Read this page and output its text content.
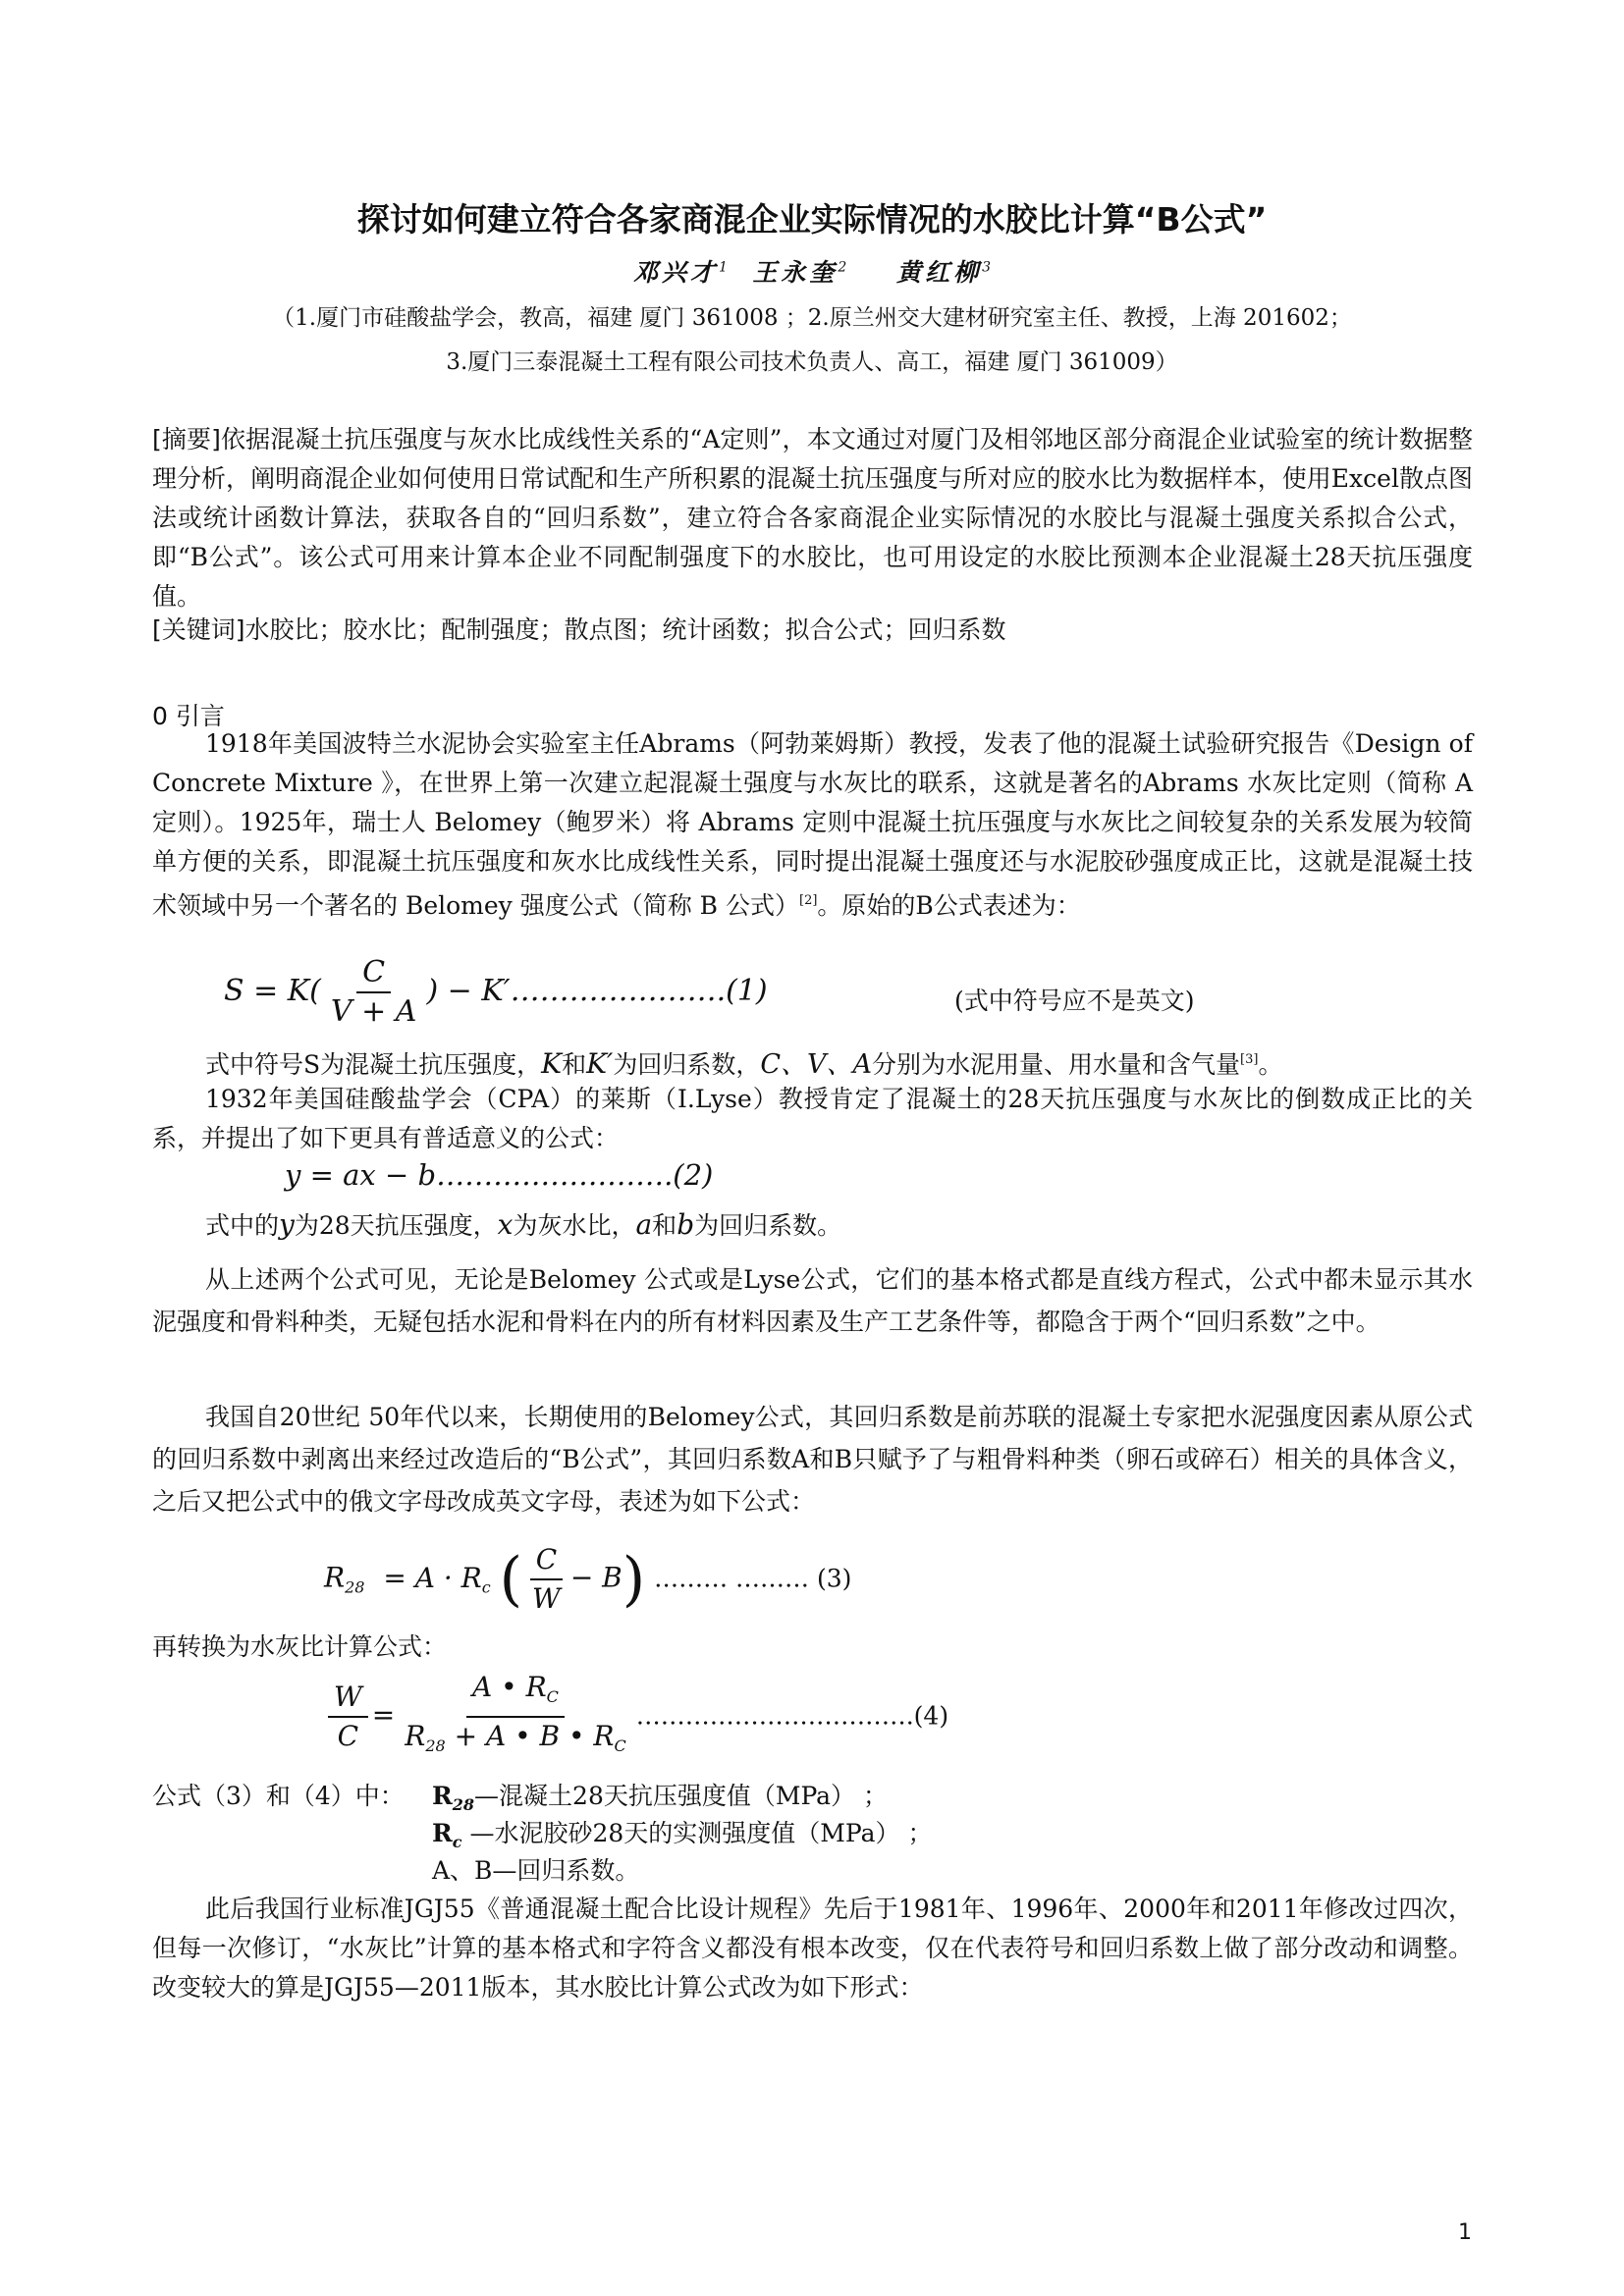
探讨如何建立符合各家商混企业实际情况的水胶比计算“B公式”
邓兴才$^1$ 王永奎$^2$ 黄红柳$^3$
（1.厦门市硅酸盐学会，教高，福建 厦门 361008 ；2.原兰州交大建材研究室主任、教授，上海 201602；
3.厦门三泰混凝土工程有限公司技术负责人、高工，福建 厦门 361009）
[摘要]依据混凝土抗压强度与灰水比成线性关系的“A定则”，本文通过对厦门及相邻地区部分商混企业试验室的统计数据整理分析，阐明商混企业如何使用日常试配和生产所积累的混凝土抗压强度与所对应的胶水比为数据样本，使用Excel散点图法或统计函数计算法，获取各自的“回归系数”，建立符合各家商混企业实际情况的水胶比与混凝土强度关系拟合公式，即“B公式”。该公式可用来计算本企业不同配制强度下的水胶比，也可用设定的水胶比预测本企业混凝土28天抗压强度值。
[关键词]水胶比；胶水比；配制强度；散点图；统计函数；拟合公式；回归系数
0 引言
1918年美国波特兰水泥协会实验室主任Abrams（阿勃莱姆斯）教授，发表了他的混凝土试验研究报告《Design of Concrete Mixture 》，在世界上第一次建立起混凝土强度与水灰比的联系，这就是著名的Abrams 水灰比定则（简称 A 定则）。1925年，瑞士人 Belomey（鲍罗米）将 Abrams 定则中混凝土抗压强度与水灰比之间较复杂的关系发展为较简单方便的关系，即混凝土抗压强度和灰水比成线性关系，同时提出混凝土强度还与水泥胶砂强度成正比，这就是混凝土技术领域中另一个著名的 Belomey 强度公式（简称 B 公式）[2]。原始的B公式表述为：
$S = K( \frac{C}{V + A}$ ) − K′………………….(1)	(式中符号应不是英文)
式中符号S为混凝土抗压强度，K和K′为回归系数，C、V、A分别为水泥用量、用水量和含气量[3]。
1932年美国硅酸盐学会（CPA）的莱斯（I.Lyse）教授肯定了混凝土的28天抗压强度与水灰比的倒数成正比的关系，并提出了如下更具有普适意义的公式：
y = ax − b…………………….(2)
式中的y为28天抗压强度，x为灰水比，a和b为回归系数。
从上述两个公式可见，无论是Belomey 公式或是Lyse公式，它们的基本格式都是直线方程式，公式中都未显示其水泥强度和骨料种类，无疑包括水泥和骨料在内的所有材料因素及生产工艺条件等，都隐含于两个“回归系数”之中。
我国自20世纪 50年代以来，长期使用的Belomey公式，其回归系数是前苏联的混凝土专家把水泥强度因素从原公式的回归系数中剥离出来经过改造后的“B公式”，其回归系数A和B只赋予了与粗骨料种类（卵石或碎石）相关的具体含义，之后又把公式中的俄文字母改成英文字母，表述为如下公式：
$R_{28} = A \cdot R_c$ ( $\frac{C}{W} - B$) ……… ……… (3)
再转换为水灰比计算公式：
$\frac{W}{C} = \frac{A • R_C}{R_{28} + A • B • R_C}$ …………………………….(4)
公式（3）和（4）中： $R_{28}—$混凝土28天抗压强度值（MPa） ；
$R_c$ —水泥胶砂28天的实测强度值（MPa） ；
A、B—回归系数。
此后我国行业标准JGJ55《普通混凝土配合比设计规程》先后于1981年、1996年、2000年和2011年修改过四次，但每一次修订，“水灰比”计算的基本格式和字符含义都没有根本改变，仅在代表符号和回归系数上做了部分改动和调整。改变较大的算是JGJ55—2011版本，其水胶比计算公式改为如下形式：
1
